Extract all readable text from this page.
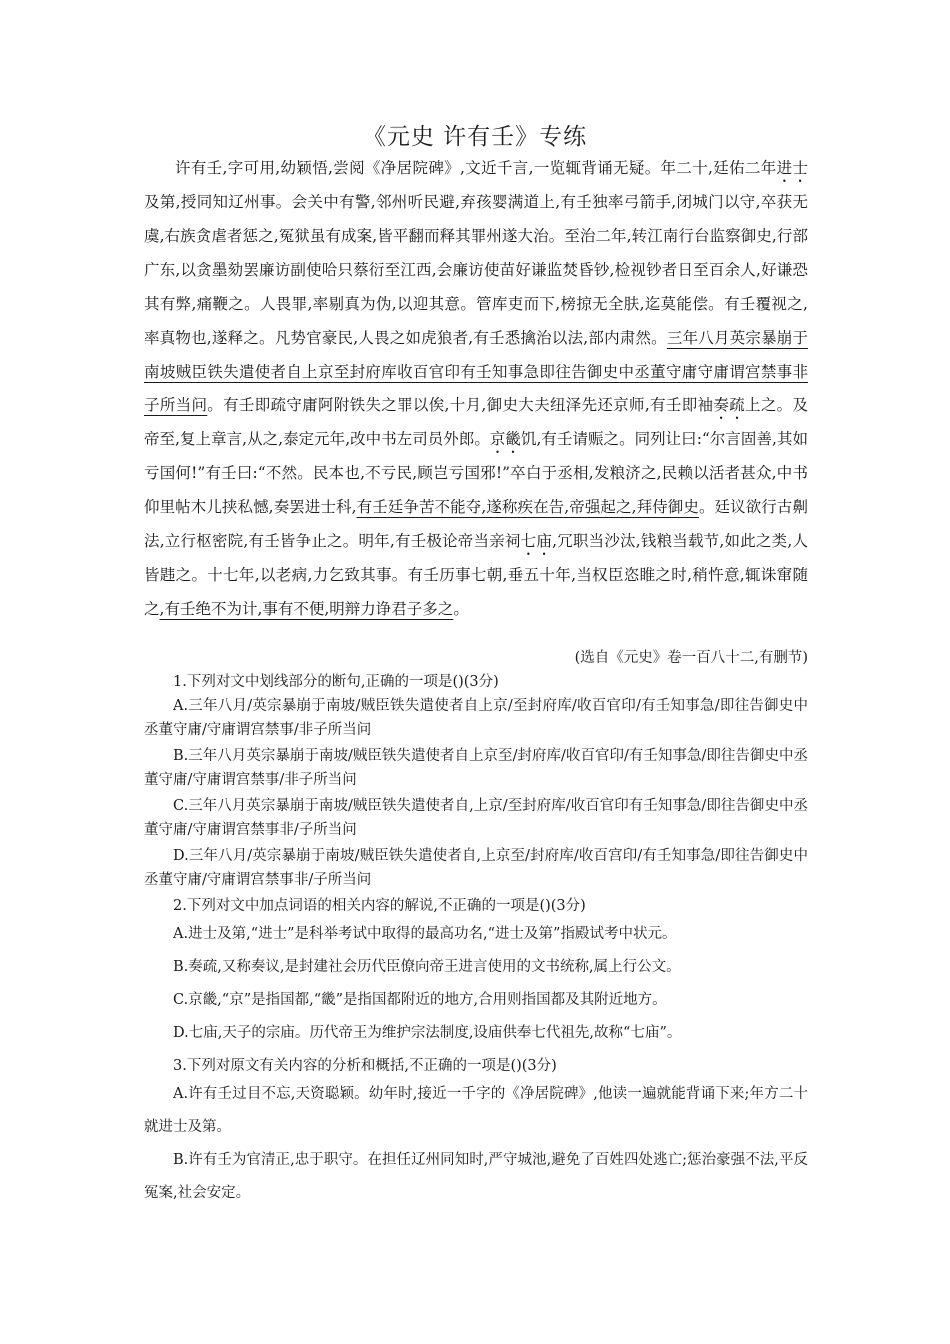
《元史 许有壬》专练

许有壬,字可用,幼颖悟,尝阅《净居院碑》,文近千言,一览辄背诵无疑。年二十,廷佑二年进士及第,授同知辽州事。会关中有警,邻州听民避,弃孩婴满道上,有壬独率弓箭手,闭城门以守,卒获无虞,右族贪虐者惩之,冤狱虽有成案,皆平翻而释其罪州遂大治。至治二年,转江南行台监察御史,行部广东,以贪墨劾罢廉访副使哈只蔡衍至江西,会廉访使苗好谦监焚昏钞,检视钞者日至百余人,好谦恐其有弊,痛鞭之。人畏罪,率剔真为伪,以迎其意。管库吏而下,榜掠无全肤,迄莫能偿。有壬覆视之,率真物也,遂释之。凡势官豪民,人畏之如虎狼者,有壬悉擒治以法,部内肃然。三年八月英宗暴崩于南坡贼臣铁失遣使者自上京至封府库收百官印有壬知事急即往告御史中丞董守庸守庸谓宫禁事非子所当问。有壬即疏守庸阿附铁失之罪以俟,十月,御史大夫纽泽先还京师,有壬即袖奏疏上之。及帝至,复上章言,从之,泰定元年,改中书左司员外郎。京畿饥,有壬请赈之。同列让曰:“尔言固善,其如亏国何!”有壬曰:“不然。民本也,不亏民,顾岂亏国邪!”卒白于丞相,发粮济之,民赖以活者甚众,中书仰里帖木儿挟私憾,奏罢进士科,有壬廷争苦不能夺,遂称疾在告,帝强起之,拜侍御史。廷议欲行古劓法,立行枢密院,有壬皆争止之。明年,有壬极论帝当亲祠七庙,冗职当沙汰,钱粮当载节,如此之类,人皆韪之。十七年,以老病,力乞致其事。有壬历事七朝,垂五十年,当权臣恣睢之时,稍忤意,辄诛窜随之,有壬绝不为计,事有不便,明辩力诤君子多之。

(选自《元史》卷一百八十二,有删节)

1.下列对文中划线部分的断句,正确的一项是()(3分)

A.三年八月/英宗暴崩于南坡/贼臣铁失遣使者自上京/至封府库/收百官印/有壬知事急/即往告御史中丞董守庸/守庸谓宫禁事/非子所当问

B.三年八月英宗暴崩于南坡/贼臣铁失遣使者自上京至/封府库/收百官印/有壬知事急/即往告御史中丞董守庸/守庸谓宫禁事/非子所当问

C.三年八月英宗暴崩于南坡/贼臣铁失遣使者自,上京/至封府库/收百官印有壬知事急/即往告御史中丞董守庸/守庸谓宫禁事非/子所当问

D.三年八月/英宗暴崩于南坡/贼臣铁失遣使者自,上京至/封府库/收百宫印/有壬知事急/即往告御史中丞董守庸/守庸谓宫禁事非/子所当问

2.下列对文中加点词语的相关内容的解说,不正确的一项是()(3分)

A.进士及第,“进士”是科举考试中取得的最高功名,“进士及第”指殿试考中状元。

B.奏疏,又称奏议,是封建社会历代臣僚向帝王进言使用的文书统称,属上行公文。

C.京畿,“京”是指国都,“畿”是指国都附近的地方,合用则指国都及其附近地方。

D.七庙,天子的宗庙。历代帝王为维护宗法制度,设庙供奉七代祖先,故称“七庙”。

3.下列对原文有关内容的分析和概括,不正确的一项是()(3分)

A.许有壬过目不忘,天资聪颖。幼年时,接近一千字的《净居院碑》,他读一遍就能背诵下来;年方二十就进士及第。

B.许有壬为官清正,忠于职守。在担任辽州同知时,严守城池,避免了百姓四处逃亡;惩治豪强不法,平反冤案,社会安定。
